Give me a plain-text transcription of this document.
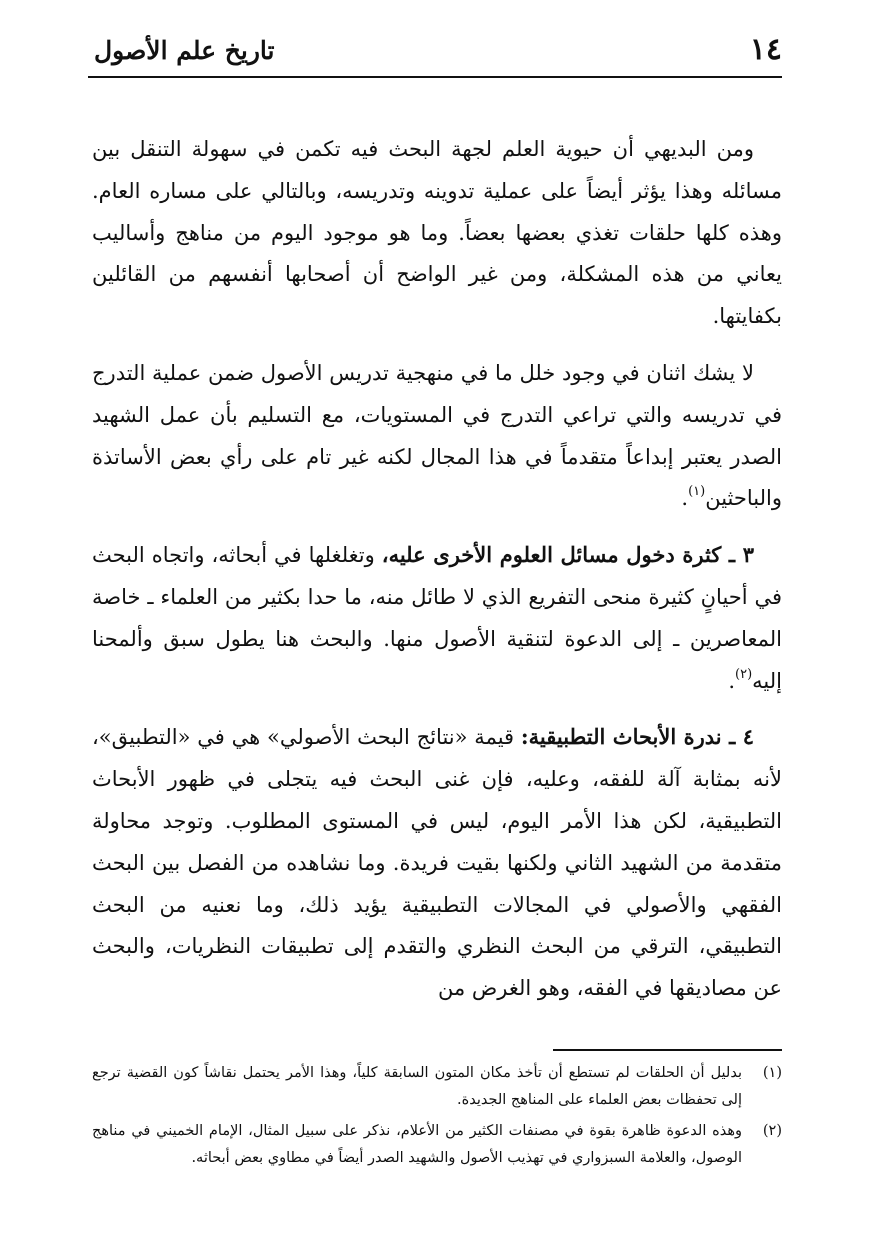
١٤
تاريخ علم الأصول

ومن البديهي أن حيوية العلم لجهة البحث فيه تكمن في سهولة التنقل بين مسائله وهذا يؤثر أيضاً على عملية تدوينه وتدريسه، وبالتالي على مساره العام. وهذه كلها حلقات تغذي بعضها بعضاً. وما هو موجود اليوم من مناهج وأساليب يعاني من هذه المشكلة، ومن غير الواضح أن أصحابها أنفسهم من القائلين بكفايتها.

لا يشك اثنان في وجود خلل ما في منهجية تدريس الأصول ضمن عملية التدرج في تدريسه والتي تراعي التدرج في المستويات، مع التسليم بأن عمل الشهيد الصدر يعتبر إبداعاً متقدماً في هذا المجال لكنه غير تام على رأي بعض الأساتذة والباحثين$^{(١)}$.

٣ ـ كثرة دخول مسائل العلوم الأخرى عليه، وتغلغلها في أبحاثه، واتجاه البحث في أحيانٍ كثيرة منحى التفريع الذي لا طائل منه، ما حدا بكثير من العلماء ـ خاصة المعاصرين ـ إلى الدعوة لتنقية الأصول منها. والبحث هنا يطول سبق وألمحنا إليه$^{(٢)}$.

٤ ـ ندرة الأبحاث التطبيقية: قيمة «نتائج البحث الأصولي» هي في «التطبيق»، لأنه بمثابة آلة للفقه، وعليه، فإن غنى البحث فيه يتجلى في ظهور الأبحاث التطبيقية، لكن هذا الأمر اليوم، ليس في المستوى المطلوب. وتوجد محاولة متقدمة من الشهيد الثاني ولكنها بقيت فريدة. وما نشاهده من الفصل بين البحث الفقهي والأصولي في المجالات التطبيقية يؤيد ذلك، وما نعنيه من البحث التطبيقي، الترقي من البحث النظري والتقدم إلى تطبيقات النظريات، والبحث عن مصاديقها في الفقه، وهو الغرض من

(١)
بدليل أن الحلقات لم تستطع أن تأخذ مكان المتون السابقة كلياً، وهذا الأمر يحتمل نقاشاً كون القضية ترجع إلى تحفظات بعض العلماء على المناهج الجديدة.
(٢)
وهذه الدعوة ظاهرة بقوة في مصنفات الكثير من الأعلام، نذكر على سبيل المثال، الإمام الخميني في مناهج الوصول، والعلامة السبزواري في تهذيب الأصول والشهيد الصدر أيضاً في مطاوي بعض أبحاثه.
